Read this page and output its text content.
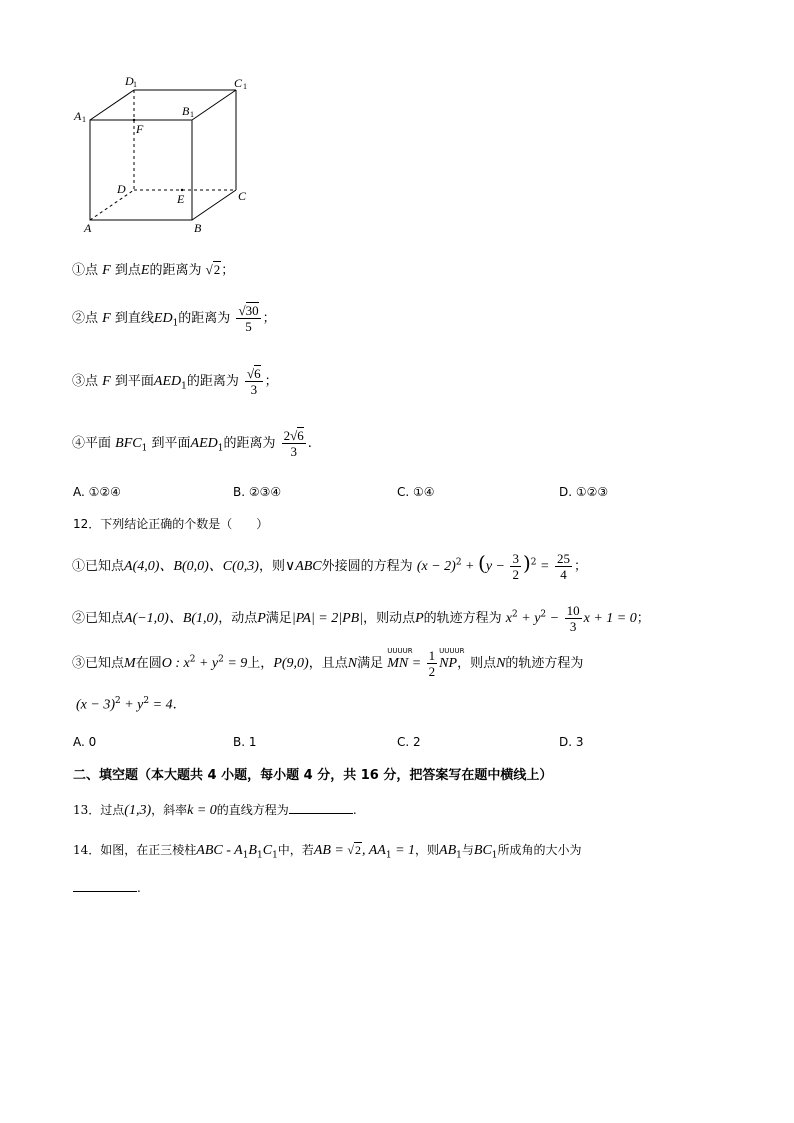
D 1	C 1
A 1
B 1
F
D
E	C
A	B
①点 F 到点E的距离为 √2；
②点 F 到直线$ED_1$的距离为 $\frac{√30}{5}$ ；
③点 F 到平面$AED_1$的距离为 $\frac{√6}{3}$ ；
④平面 $BFC_1$ 到平面$AED_1$的距离为 $\frac{2√6}{3}$ .
A. ①②④	B. ②③④	C. ①④	D. ①②③
12．下列结论正确的个数是（　　）
①已知点A(4,0)、B(0,0)、C(0,3)，则∨ABC外接圆的方程为 $(x - 2)^2 + (y - \frac{3}{2} )^2 = \frac{25}{4}$ ；
②已知点A(−1,0)、B(1,0)，动点P满足|PA| = 2|PB|，则动点P的轨迹方程为 $x^2 + y^2 - \frac{10}{3}$ x + 1 = 0；
③已知点M在圆O : $x^2 + y^2 = 9$上，P(9,0)，且点N满足
UUUUR
MN = $\frac{1}{2}$ UUUUR
NP，则点N的轨迹方程为
$(x - 3)^2 + y^2 = 4$.
A. 0	B. 1	C. 2	D. 3
二、填空题（本大题共 4 小题，每小题 4 分，共 16 分，把答案写在题中横线上）
13．过点(1,3)，斜率k = 0的直线方程为	.
14．如图，在正三棱柱ABC - $A_1B_1C_1$中，若AB = √2, $AA_1 = 1$，则$AB_1$与$BC_1$所成角的大小为
.
